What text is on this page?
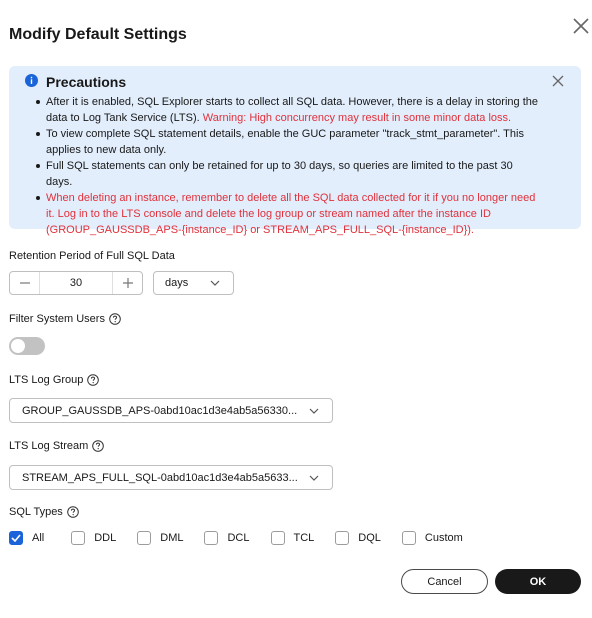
Modify Default Settings
Precautions
After it is enabled, SQL Explorer starts to collect all SQL data. However, there is a delay in storing the data to Log Tank Service (LTS). Warning: High concurrency may result in some minor data loss.
To view complete SQL statement details, enable the GUC parameter "track_stmt_parameter". This applies to new data only.
Full SQL statements can only be retained for up to 30 days, so queries are limited to the past 30 days.
When deleting an instance, remember to delete all the SQL data collected for it if you no longer need it. Log in to the LTS console and delete the log group or stream named after the instance ID (GROUP_GAUSSDB_APS-{instance_ID} or STREAM_APS_FULL_SQL-{instance_ID}).
Retention Period of Full SQL Data
30	days
Filter System Users
LTS Log Group
GROUP_GAUSSDB_APS-0abd10ac1d3e4ab5a56330...
LTS Log Stream
STREAM_APS_FULL_SQL-0abd10ac1d3e4ab5a5633...
SQL Types
All	DDL	DML	DCL	TCL	DQL	Custom
Cancel	OK
